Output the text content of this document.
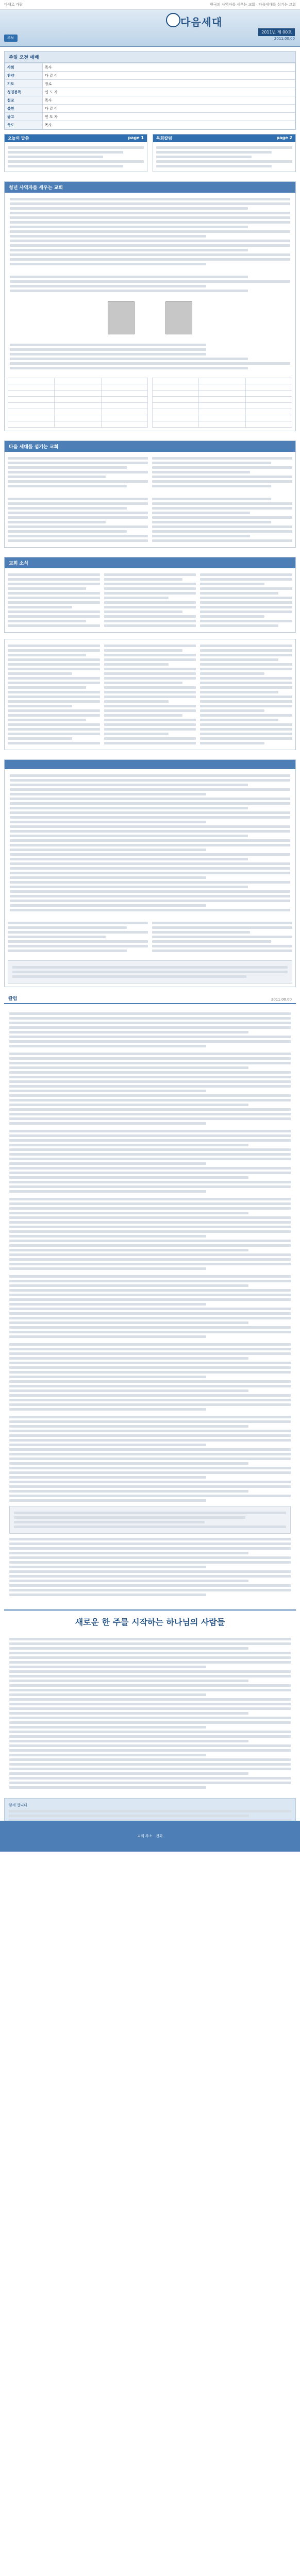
다채로 가람	한국의 사역자를 세우는 교회 · 다음세대를 섬기는 교회
다음세대
주보
2011년 제 00호
2011.00.00
주일 오전 예배
사회	목사
찬양	다 같 이
기도	장로
성경봉독	인 도 자
설교	목사
봉헌	다 같 이
광고	인 도 자
축도	목사
오늘의 말씀	page 1	목회칼럼	page 2
청년 사역자를 세우는 교회

다음 세대를 섬기는 교회
교회 소식
칼럼	2011.00.00
새로운 한 주를 시작하는 하나님의 사람들
함께 합니다
교회 주소 · 전화
